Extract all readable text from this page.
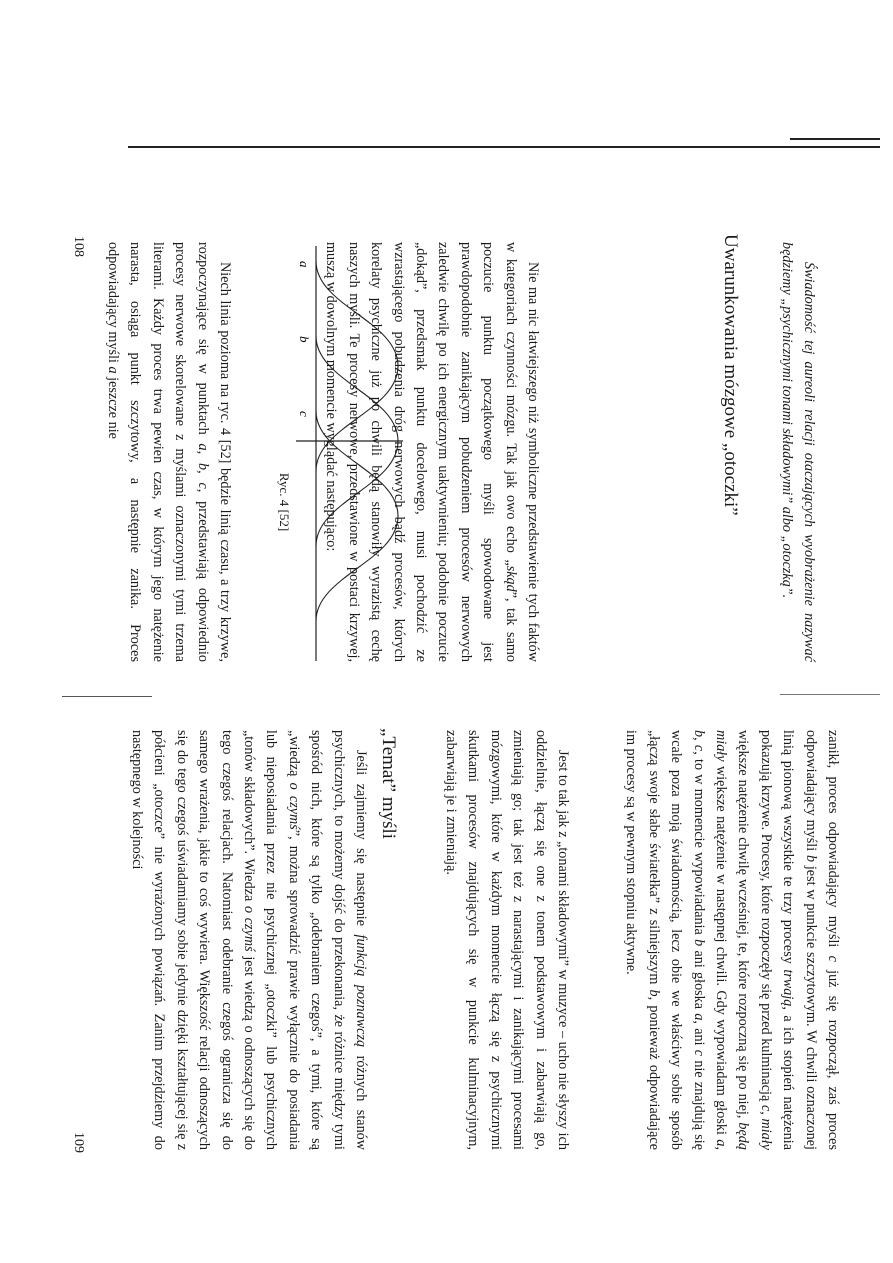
108

Niech linia pozioma na ryc. 4 [52] będzie linią czasu, a trzy krzywe, rozpoczynające się w punktach a, b, c, przedstawiają odpowiednio procesy nerwowe skorelowane z myślami oznaczonymi tymi trzema literami. Każdy proces trwa pewien czas, w którym jego natężenie narasta, osiąga punkt szczytowy, a następnie zanika. Proces odpowiadający myśli a jeszcze nie

a
b
c
Ryc. 4 [52]	Nie ma nic łatwiejszego niż symboliczne przedstawienie tych faktów w kategoriach czynności mózgu. Tak jak owo echo „skąd”, tak samo poczucie punktu początkowego myśli spowodowane jest prawdopodobnie zanikającym pobudzeniem procesów nerwowych zaledwie chwilę po ich energicznym uaktywnieniu; podobnie poczucie „dokąd”, przedsmak punktu docelowego, musi pochodzić ze wzrastającego pobudzenia dróg nerwowych bądź procesów, których korelaty psychiczne już po chwili będą stanowiły wyrazistą cechę naszych myśli. Te procesy nerwowe, przedstawione w postaci krzywej, muszą w dowolnym momencie wyglądać następująco:	Uwarunkowania mózgowe „otoczki”	Świadomość tej aureoli relacji otaczających wyobrażenie nazywać będziemy „psychicznymi tonami składowymi” albo „otoczką”.

109

Jeśli zajmiemy się następnie funkcją poznawczą różnych stanów psychicznych, to możemy dojść do przekonania, że różnice między tymi spośród nich, które są tylko „odebraniem czegoś”, a tymi, które są „wiedzą o czymś”, można sprowadzić prawie wyłącznie do posiadania lub nieposiadania przez nie psychicznej „otoczki” lub psychicznych „tonów składowych”. Wiedza o czymś jest wiedzą o odnoszących się do tego czegoś relacjach. Natomiast odebranie czegoś ogranicza się do samego wrażenia, jakie to coś wywiera. Większość relacji odnoszących się do tego czegoś uświadamiamy sobie jedynie dzięki kształtującej się z półcieni „otoczce” nie wyrażonych powiązań. Zanim przejdziemy do następnego w kolejności	„Temat” myśli	Jest to tak jak z „tonami składowymi” w muzyce – ucho nie słyszy ich oddzielnie, łączą się one z tonem podstawowym i zabarwiają go, zmieniają go; tak jest też z narastającymi i zanikającymi procesami mózgowymi, które w każdym momencie łączą się z psychicznymi skutkami procesów znajdujących się w punkcie kulminacyjnym, zabarwiają je i zmieniają.	zanikł, proces odpowiadający myśli c już się rozpoczął, zaś proces odpowiadający myśli b jest w punkcie szczytowym. W chwili oznaczonej linią pionową wszystkie te trzy procesy trwają, a ich stopień natężenia pokazują krzywe. Procesy, które rozpoczęły się przed kulminacją c, miały większe natężenie chwilę wcześniej, te, które rozpoczną się po niej, będą miały większe natężenie w następnej chwili. Gdy wypowiadam głoski a, b, c, to w momencie wypowiadania b ani głoska a, ani c nie znajdują się wcale poza moją świadomością, lecz obie we właściwy sobie sposób „łączą swoje słabe światełka” z silniejszym b, ponieważ odpowiadające im procesy są w pewnym stopniu aktywne.
